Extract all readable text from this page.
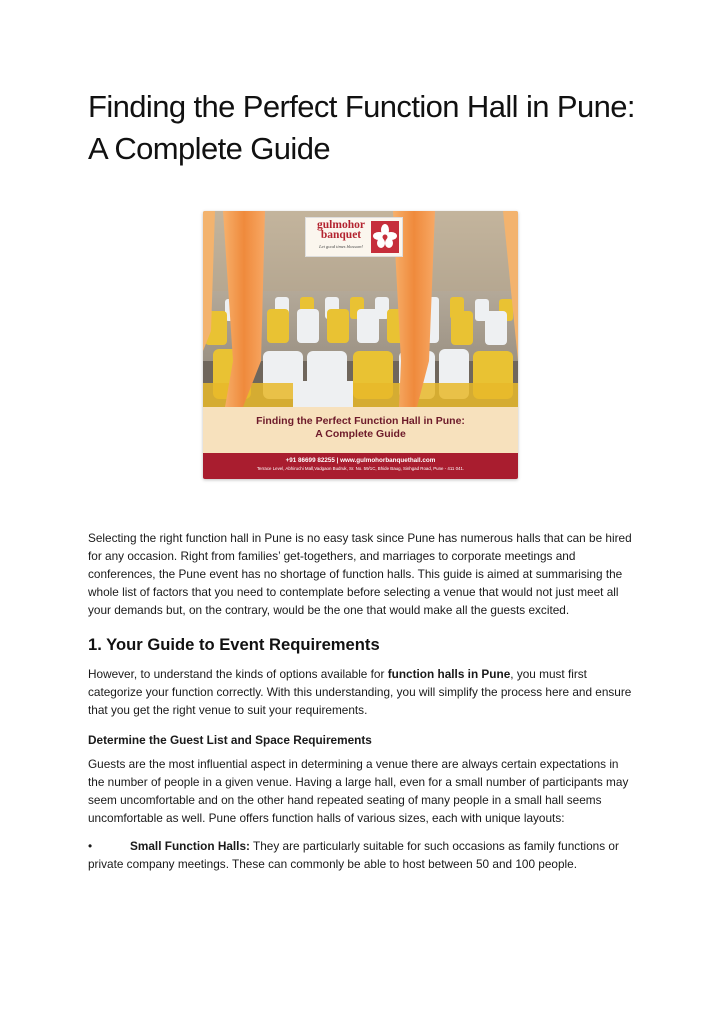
Finding the Perfect Function Hall in Pune: A Complete Guide
gulmohor banquet
Let good times blossom!
Finding the Perfect Function Hall in Pune:
A Complete Guide
+91 86699 82255 | www.gulmohorbanquethall.com
Terrace Level, Abhiruchi Mall,Vadgaon Budruk, Sr. No. 59/1C, Bhide Baug, Sinhgad Road, Pune - 411 041.

Selecting the right function hall in Pune is no easy task since Pune has numerous halls that can be hired for any occasion. Right from families’ get-togethers, and marriages to corporate meetings and conferences, the Pune event has no shortage of function halls. This guide is aimed at summarising the whole list of factors that you need to contemplate before selecting a venue that would not just meet all your demands but, on the contrary, would be the one that would make all the guests excited.

1. Your Guide to Event Requirements

However, to understand the kinds of options available for function halls in Pune, you must first categorize your function correctly. With this understanding, you will simplify the process here and ensure that you get the right venue to suit your requirements.

Determine the Guest List and Space Requirements

Guests are the most influential aspect in determining a venue there are always certain expectations in the number of people in a given venue. Having a large hall, even for a small number of participants may seem uncomfortable and on the other hand repeated seating of many people in a small hall seems uncomfortable as well. Pune offers function halls of various sizes, each with unique layouts:

•	Small Function Halls: They are particularly suitable for such occasions as family functions or private company meetings. These can commonly be able to host between 50 and 100 people.
